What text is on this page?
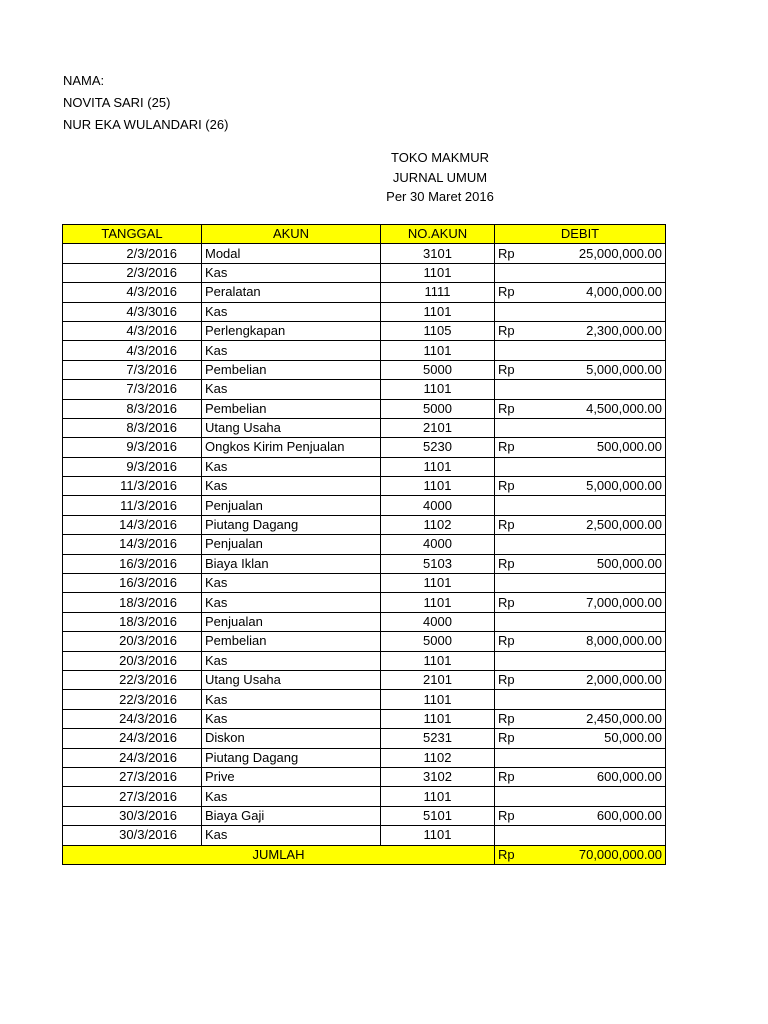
NAMA:
NOVITA SARI (25)
NUR EKA WULANDARI (26)
TOKO MAKMUR
JURNAL UMUM
Per 30 Maret 2016
TANGGAL	AKUN	NO.AKUN	DEBIT
2/3/2016	Modal	3101	Rp 25,000,000.00

2/3/2016	Kas	1101	

4/3/2016	Peralatan	1111	Rp 4,000,000.00

4/3/3016	Kas	1101	

4/3/2016	Perlengkapan	1105	Rp 2,300,000.00

4/3/2016	Kas	1101	

7/3/2016	Pembelian	5000	Rp 5,000,000.00

7/3/2016	Kas	1101	

8/3/2016	Pembelian	5000	Rp 4,500,000.00

8/3/2016	Utang Usaha	2101	

9/3/2016	Ongkos Kirim Penjualan	5230	Rp 500,000.00

9/3/2016	Kas	1101	

11/3/2016	Kas	1101	Rp 5,000,000.00

11/3/2016	Penjualan	4000	

14/3/2016	Piutang Dagang	1102	Rp 2,500,000.00

14/3/2016	Penjualan	4000	

16/3/2016	Biaya Iklan	5103	Rp 500,000.00

16/3/2016	Kas	1101	

18/3/2016	Kas	1101	Rp 7,000,000.00

18/3/2016	Penjualan	4000	

20/3/2016	Pembelian	5000	Rp 8,000,000.00

20/3/2016	Kas	1101	

22/3/2016	Utang Usaha	2101	Rp 2,000,000.00

22/3/2016	Kas	1101	

24/3/2016	Kas	1101	Rp 2,450,000.00

24/3/2016	Diskon	5231	Rp 50,000.00

24/3/2016	Piutang Dagang	1102	

27/3/2016	Prive	3102	Rp 600,000.00

27/3/2016	Kas	1101	

30/3/2016	Biaya Gaji	5101	Rp 600,000.00

30/3/2016	Kas	1101	

JUMLAH			Rp 70,000,000.00
